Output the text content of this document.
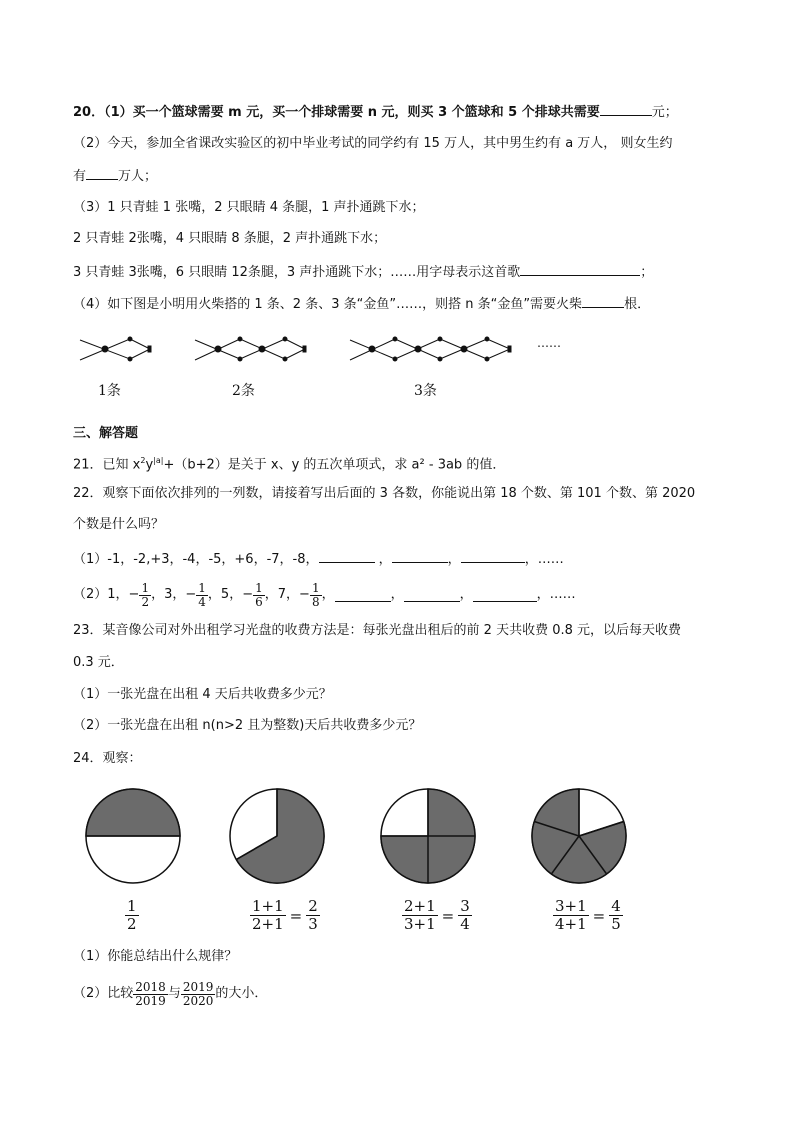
20．（1）买一个篮球需要 m 元，买一个排球需要 n 元，则买 3 个篮球和 5 个排球共需要	元；
（2）今天，参加全省课改实验区的初中毕业考试的同学约有 15 万人，其中男生约有 a 万人， 则女生约
有 万人；
（3）1 只青蛙 1 张嘴，2 只眼睛 4 条腿，1 声扑通跳下水；
2 只青蛙 2张嘴，4 只眼睛 8 条腿，2 声扑通跳下水；
3 只青蛙 3张嘴，6 只眼睛 12条腿，3 声扑通跳下水；……用字母表示这首歌	；
（4）如下图是小明用火柴搭的 1 条、2 条、3 条“金鱼”……，则搭 n 条“金鱼”需要火柴	根．
……
1条	2条	3条
三、解答题
21．已知 $x^2y^{|a|}+(b+2)$是关于 x、y 的五次单项式，求 a² - 3ab 的值．
22．观察下面依次排列的一列数，请接着写出后面的 3 各数，你能说出第 18 个数、第 101 个数、第 2020
个数是什么吗？
（1）-1，-2,+3，-4，-5，+6，-7，-8，	，	，	，……
（2）1， − $\frac{1}{2}$ ，3， − $\frac{1}{4}$ ，5， − $\frac{1}{6}$ ，7， − $\frac{1}{8}$ ，	，	，	，……
23．某音像公司对外出租学习光盘的收费方法是：每张光盘出租后的前 2 天共收费 0.8 元，以后每天收费
0.3 元．
（1）一张光盘在出租 4 天后共收费多少元？
（2）一张光盘在出租 n(n>2 且为整数)天后共收费多少元？
24．观察：
$\frac{1}{2}$	$\frac{1+1}{2+1} = \frac{2}{3}$	$\frac{2+1}{3+1} = \frac{3}{4}$	$\frac{3+1}{4+1} = \frac{4}{5}$
（1）你能总结出什么规律？
（2）比较 $\frac{2018}{2019}$ 与 $\frac{2019}{2020}$ 的大小．
